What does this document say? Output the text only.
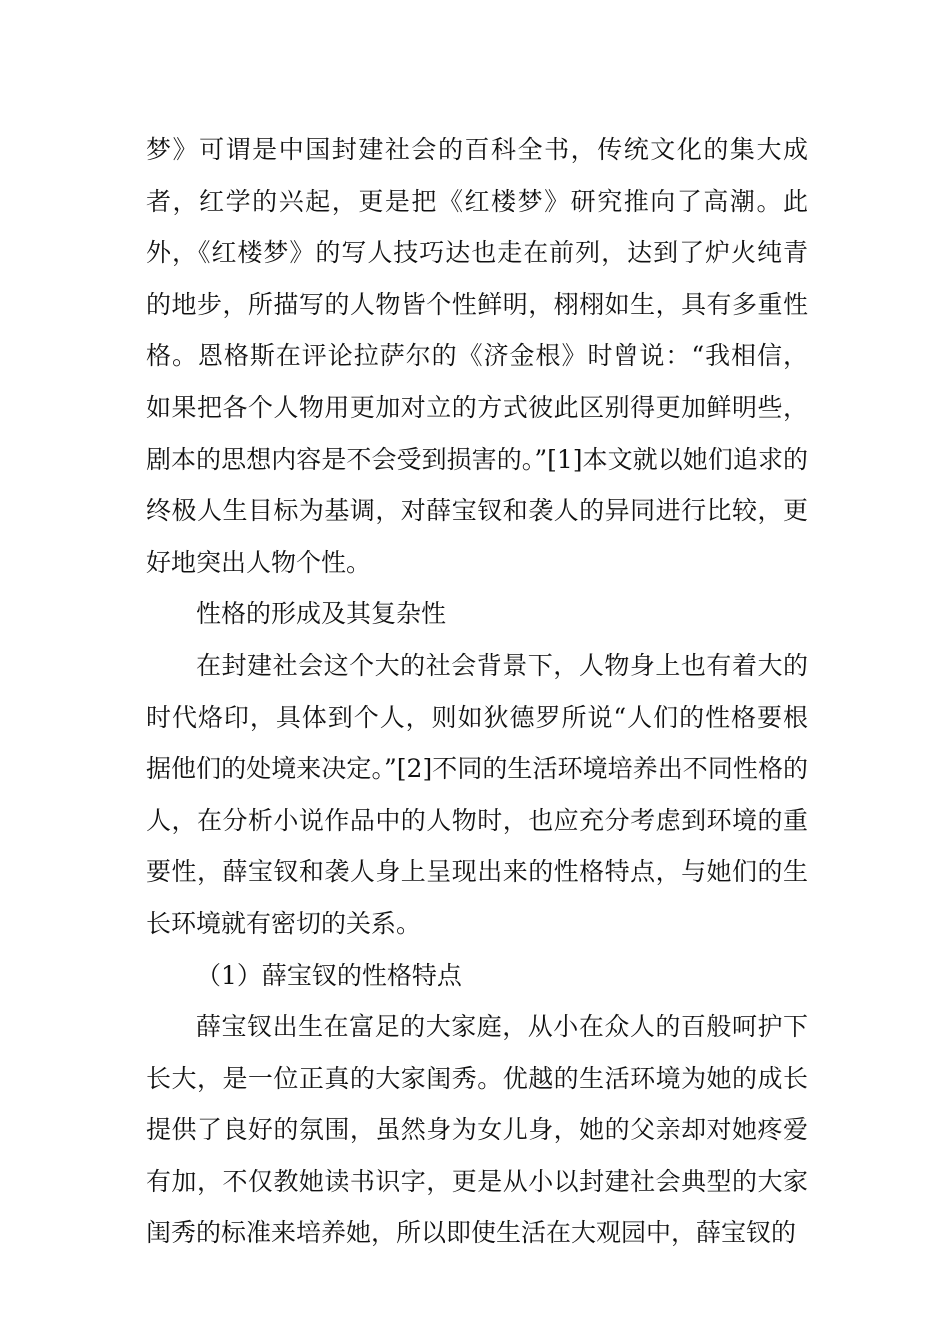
梦》可谓是中国封建社会的百科全书，传统文化的集大成者，红学的兴起，更是把《红楼梦》研究推向了高潮。此外，《红楼梦》的写人技巧达也走在前列，达到了炉火纯青的地步，所描写的人物皆个性鲜明，栩栩如生，具有多重性格。恩格斯在评论拉萨尔的《济金根》时曾说：“我相信，如果把各个人物用更加对立的方式彼此区别得更加鲜明些，剧本的思想内容是不会受到损害的。”[1]本文就以她们追求的终极人生目标为基调，对薛宝钗和袭人的异同进行比较，更好地突出人物个性。

性格的形成及其复杂性

在封建社会这个大的社会背景下，人物身上也有着大的时代烙印，具体到个人，则如狄德罗所说“人们的性格要根据他们的处境来决定。”[2]不同的生活环境培养出不同性格的人，在分析小说作品中的人物时，也应充分考虑到环境的重要性，薛宝钗和袭人身上呈现出来的性格特点，与她们的生长环境就有密切的关系。

（1）薛宝钗的性格特点

薛宝钗出生在富足的大家庭，从小在众人的百般呵护下长大，是一位正真的大家闺秀。优越的生活环境为她的成长提供了良好的氛围，虽然身为女儿身，她的父亲却对她疼爱有加，不仅教她读书识字，更是从小以封建社会典型的大家闺秀的标准来培养她，所以即使生活在大观园中，薛宝钗的
